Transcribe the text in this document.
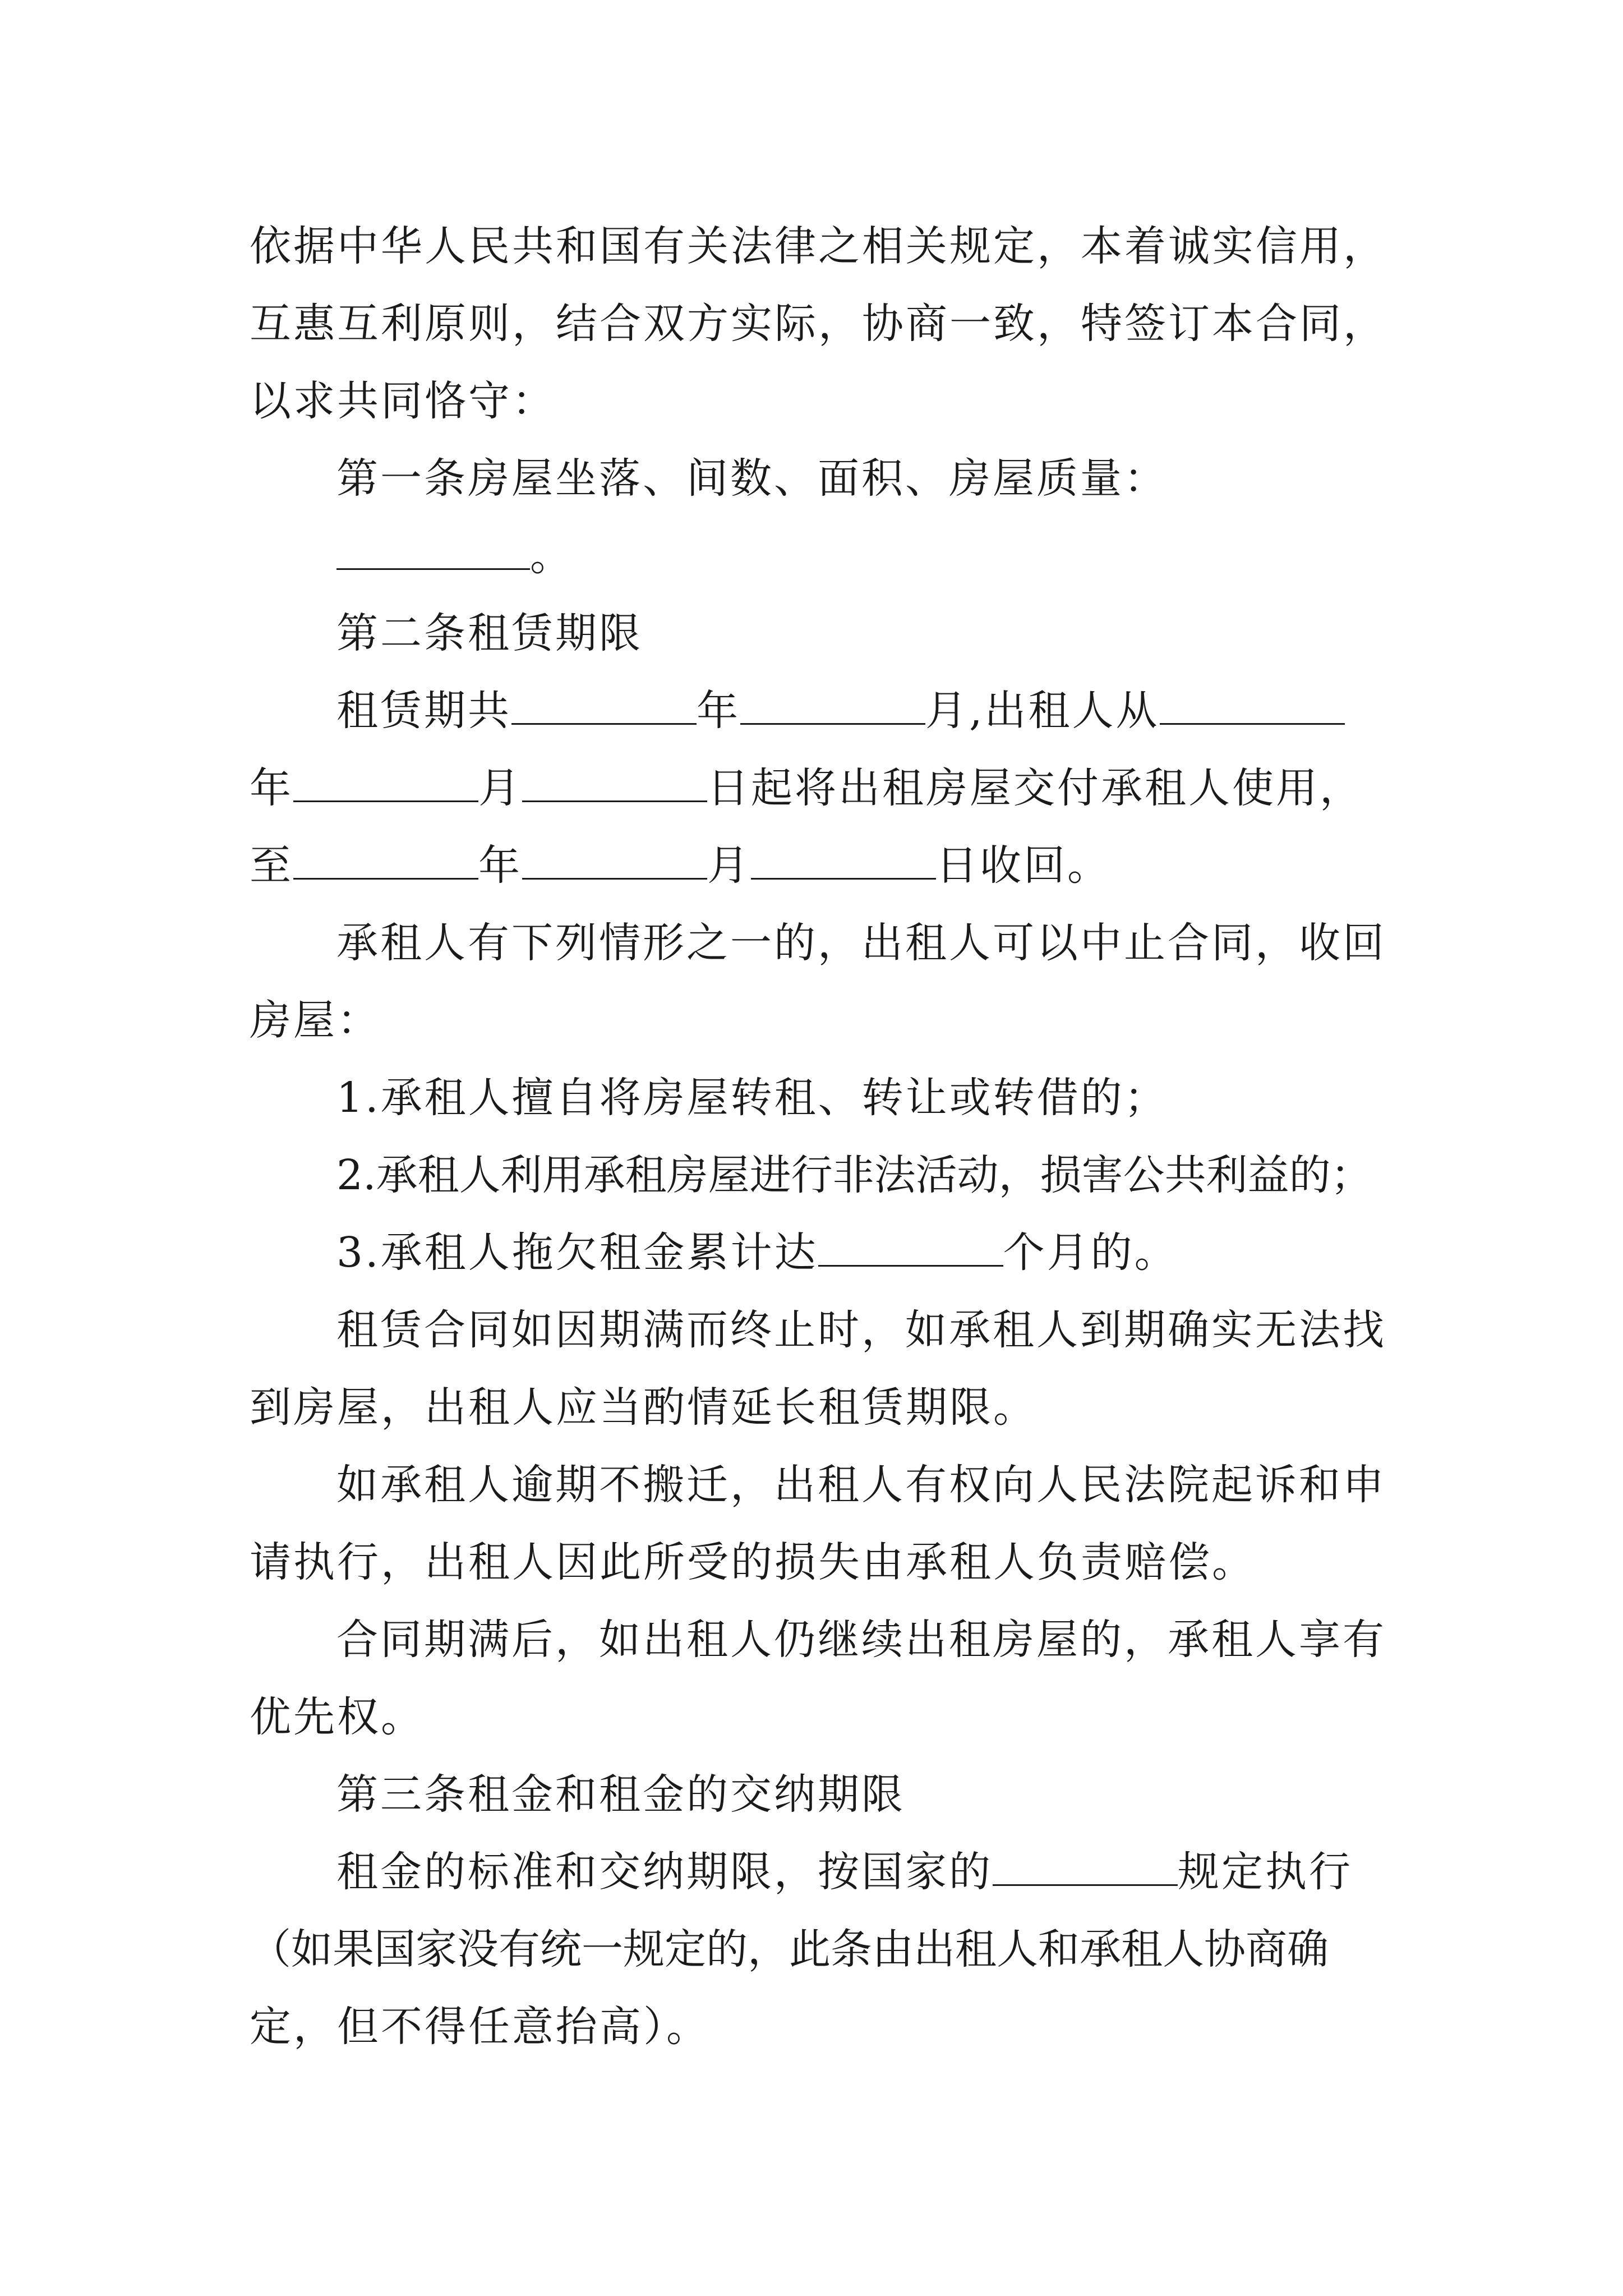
依据中华人民共和国有关法律之相关规定，本着诚实信用，
互惠互利原则，结合双方实际，协商一致，特签订本合同，
以求共同恪守：
第一条房屋坐落、间数、面积、房屋质量：
。
第二条租赁期限
租赁期共	年	月,出租人从
年	月	日起将出租房屋交付承租人使用，
至	年	月	日收回。
承租人有下列情形之一的，出租人可以中止合同，收回
房屋：
1.承租人擅自将房屋转租、转让或转借的；
2.承租人利用承租房屋进行非法活动，损害公共利益的；
3.承租人拖欠租金累计达	个月的。
租赁合同如因期满而终止时，如承租人到期确实无法找
到房屋，出租人应当酌情延长租赁期限。
如承租人逾期不搬迁，出租人有权向人民法院起诉和申
请执行，出租人因此所受的损失由承租人负责赔偿。
合同期满后，如出租人仍继续出租房屋的，承租人享有
优先权。
第三条租金和租金的交纳期限
租金的标准和交纳期限，按国家的	规定执行
（如果国家没有统一规定的，此条由出租人和承租人协商确
定，但不得任意抬高）。
